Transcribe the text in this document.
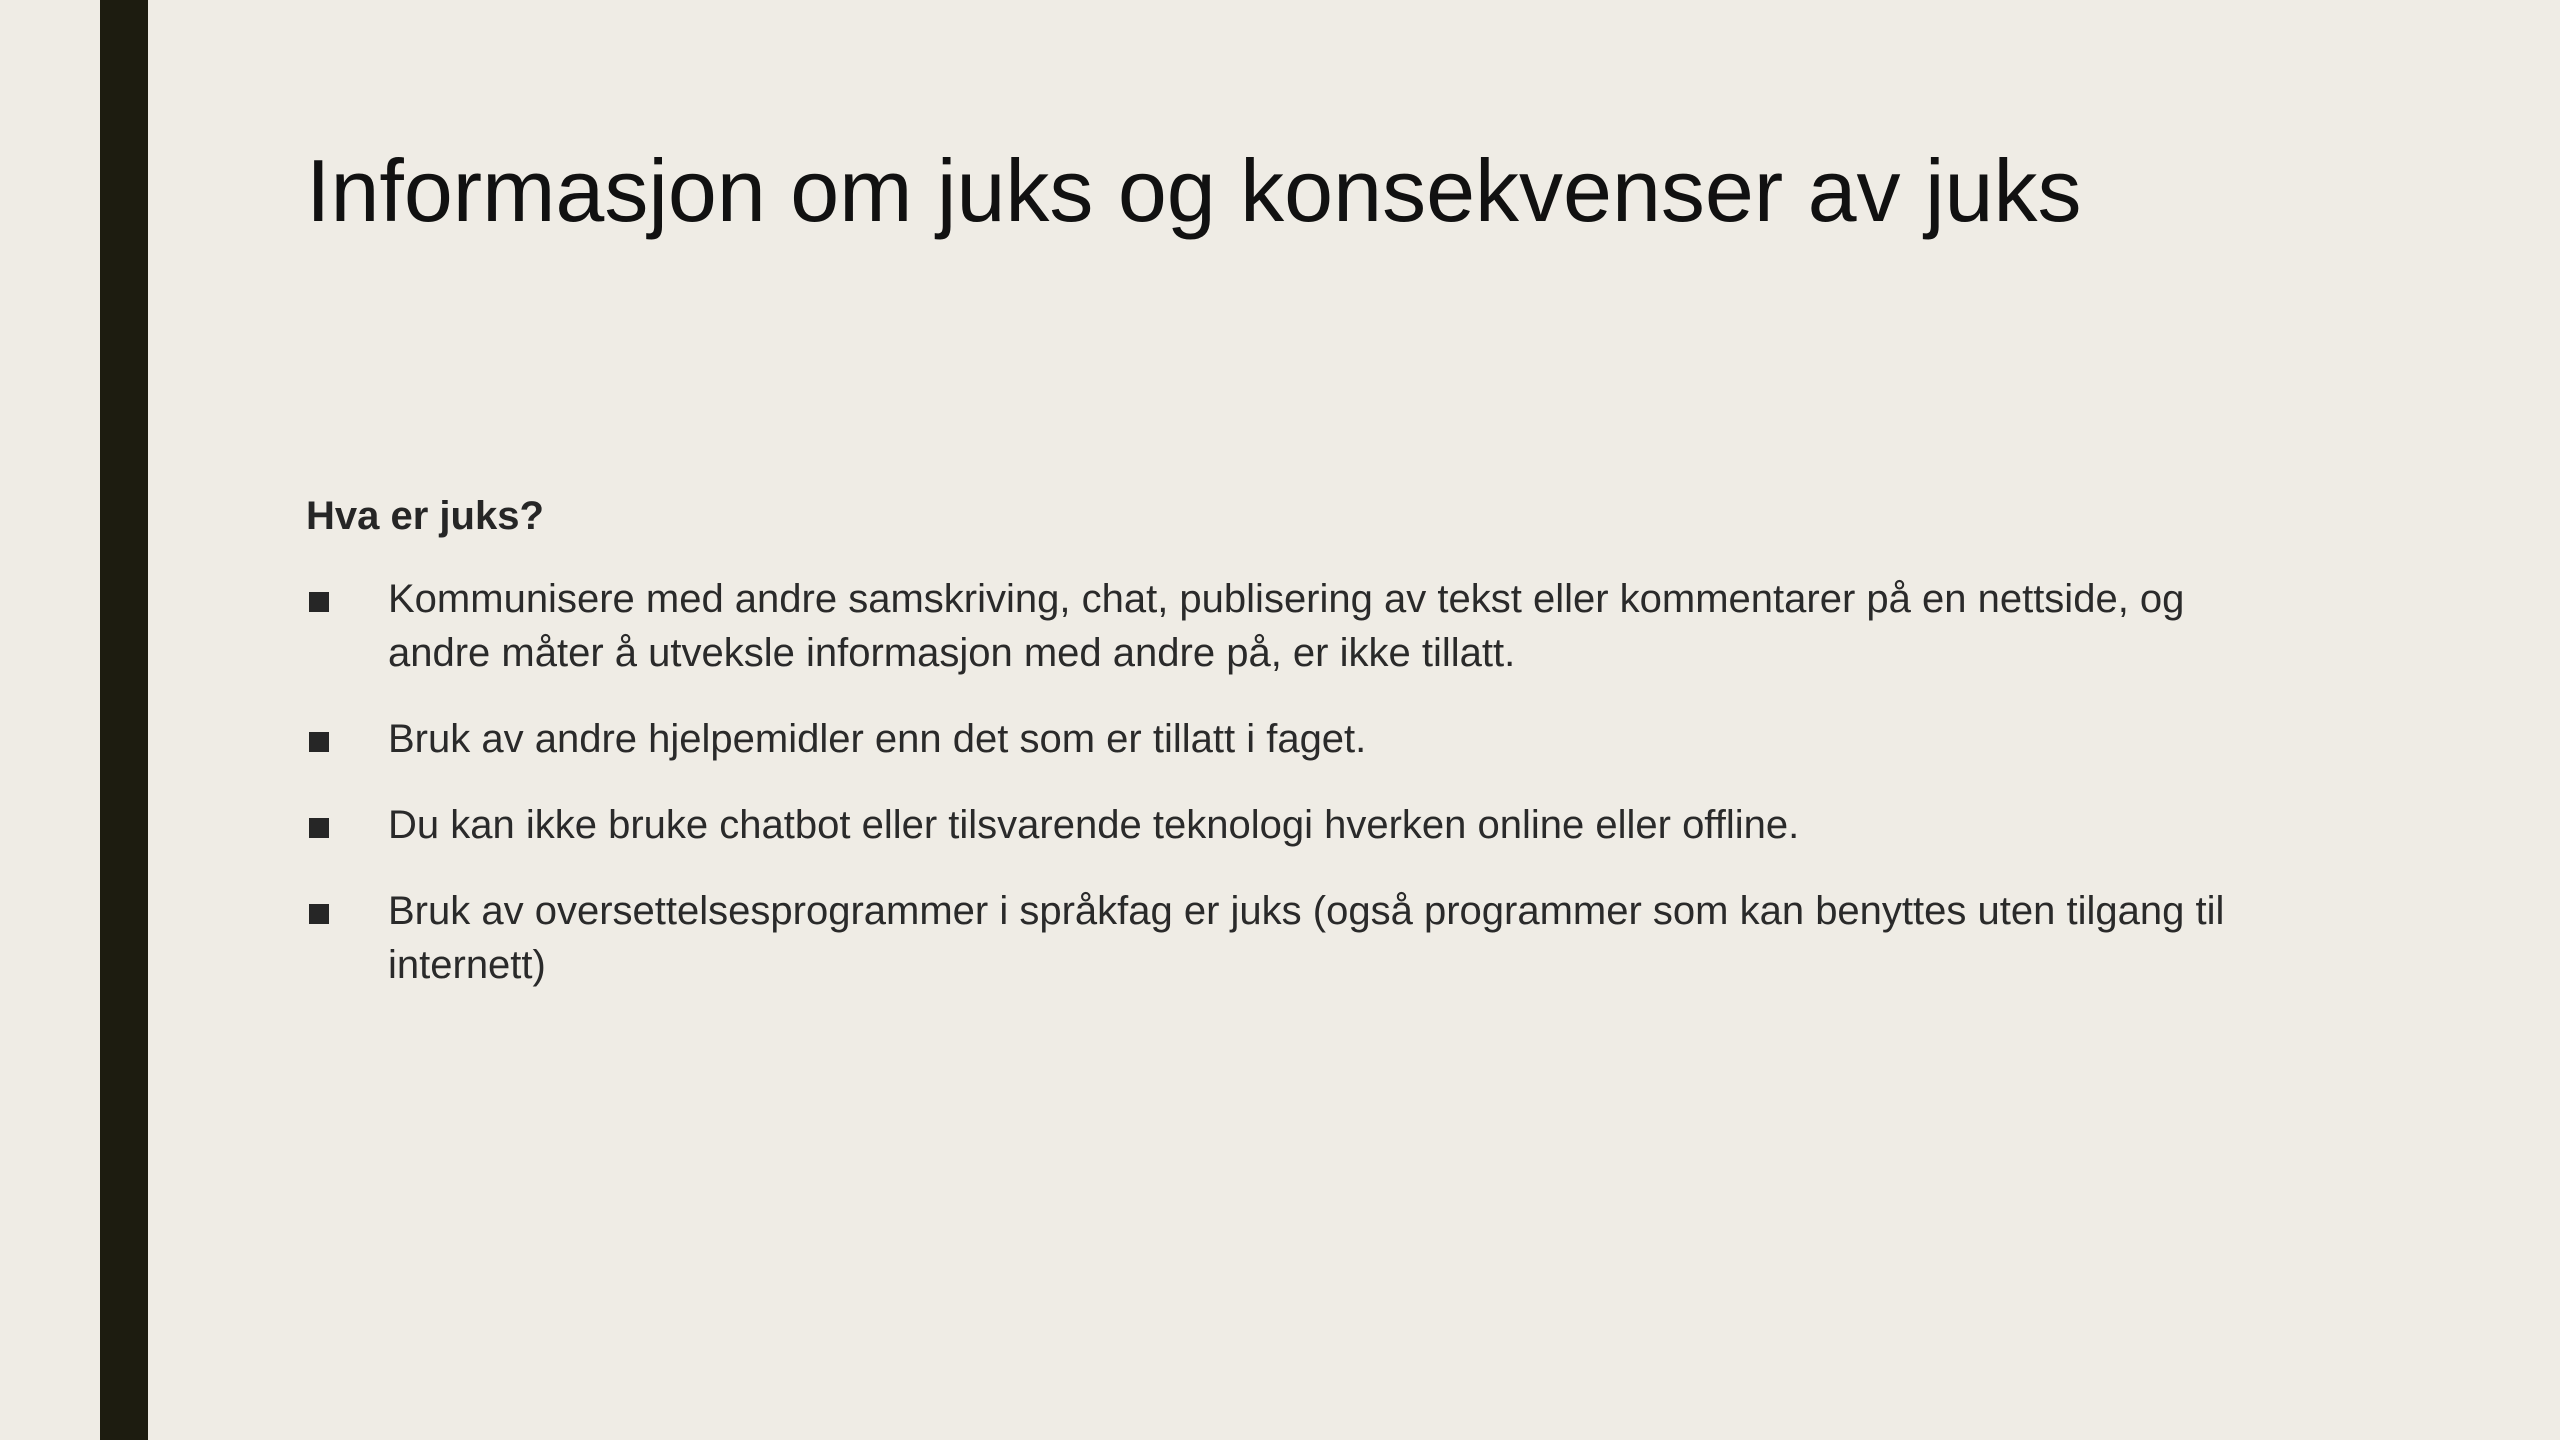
Informasjon om juks og konsekvenser av juks
Hva er juks?
Kommunisere med andre samskriving, chat, publisering av tekst eller kommentarer på en nettside, og andre måter å utveksle informasjon med andre på, er ikke tillatt.
Bruk av andre hjelpemidler enn det som er tillatt i faget.
Du kan ikke bruke chatbot eller tilsvarende teknologi hverken online eller offline.
Bruk av oversettelsesprogrammer i språkfag er juks (også programmer som kan benyttes uten tilgang til internett)
